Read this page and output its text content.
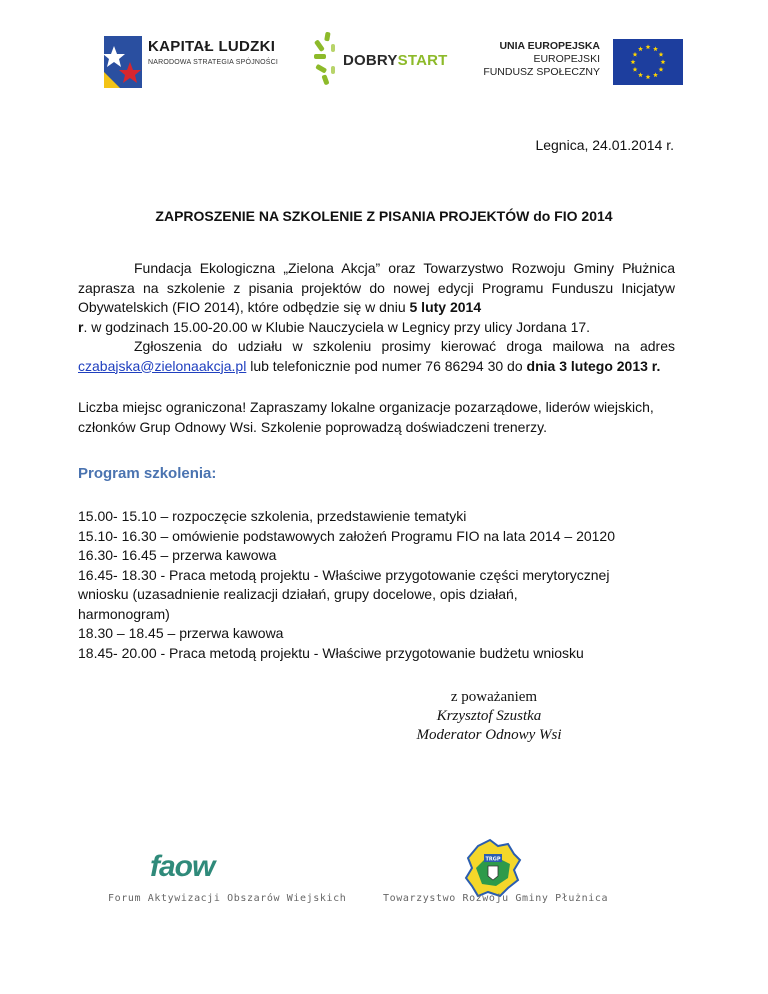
KAPITAŁ LUDZKI
NARODOWA STRATEGIA SPÓJNOŚCI	DOBRYSTART
UNIA EUROPEJSKA
EUROPEJSKI
FUNDUSZ SPOŁECZNY
Legnica, 24.01.2014 r.
ZAPROSZENIE NA SZKOLENIE Z PISANIA PROJEKTÓW do FIO 2014
Fundacja Ekologiczna „Zielona Akcja” oraz Towarzystwo Rozwoju Gminy Płużnica zaprasza na szkolenie z pisania projektów do nowej edycji Programu Funduszu Inicjatyw Obywatelskich (FIO 2014), które odbędzie się w dniu 5 luty 2014
r. w godzinach 15.00-20.00 w Klubie Nauczyciela w Legnicy przy ulicy Jordana 17.
Zgłoszenia do udziału w szkoleniu prosimy kierować droga mailowa na adres czabajska@zielonaakcja.pl lub telefonicznie pod numer 76 86294 30 do dnia 3 lutego 2013 r.
Liczba miejsc ograniczona! Zapraszamy lokalne organizacje pozarządowe, liderów wiejskich, członków Grup Odnowy Wsi. Szkolenie poprowadzą doświadczeni trenerzy.
Program szkolenia:
15.00- 15.10 – rozpoczęcie szkolenia, przedstawienie tematyki
15.10- 16.30 – omówienie podstawowych założeń Programu FIO na lata 2014 – 20120
16.30- 16.45 – przerwa kawowa
16.45- 18.30 - Praca metodą projektu - Właściwe przygotowanie części merytorycznej
wniosku (uzasadnienie realizacji działań, grupy docelowe, opis działań,
harmonogram)
18.30 – 18.45 – przerwa kawowa
18.45- 20.00 - Praca metodą projektu - Właściwe przygotowanie budżetu wniosku
z poważaniem
Krzysztof Szustka
Moderator Odnowy Wsi
faow
Forum Aktywizacji Obszarów Wiejskich
TRGP
Towarzystwo Rozwoju Gminy Płużnica
